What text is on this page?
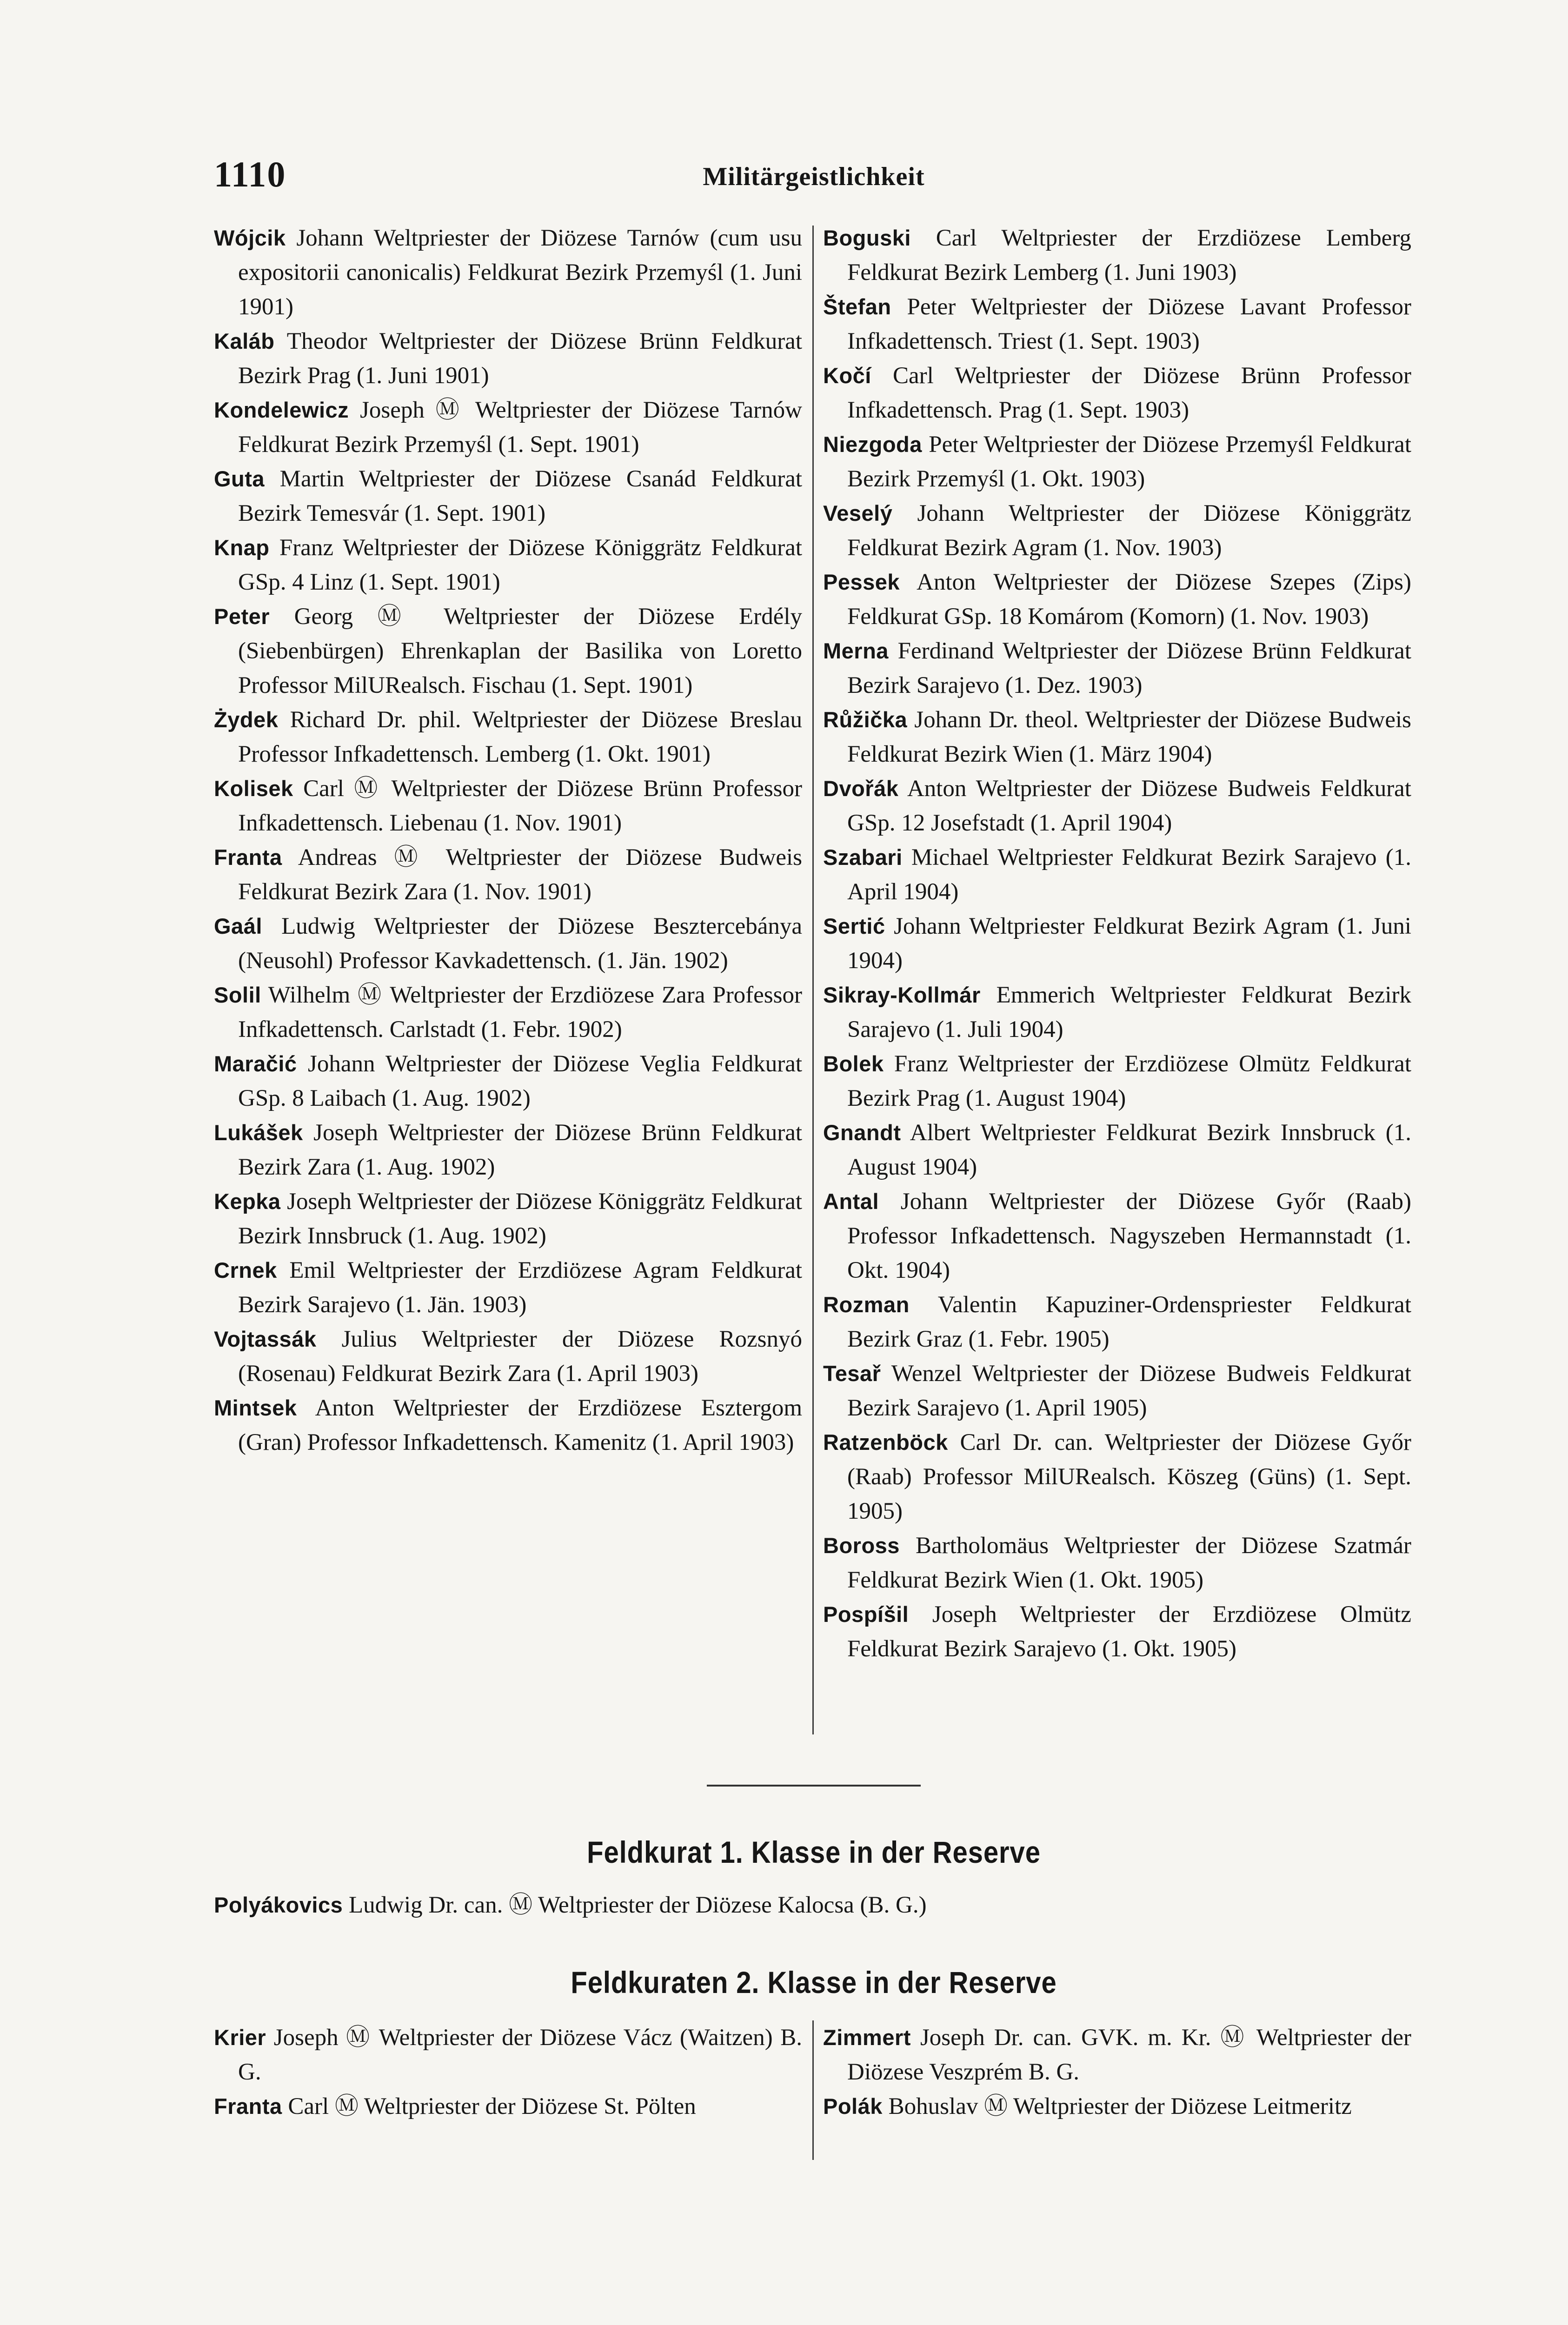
1110	Militärgeistlichkeit

Wójcik Johann Weltpriester der Diözese Tarnów (cum usu expositorii canonicalis) Feldkurat Bezirk Przemyśl (1. Juni 1901)

Kaláb Theodor Weltpriester der Diözese Brünn Feldkurat Bezirk Prag (1. Juni 1901)

Kondelewicz Joseph Ⓜ Weltpriester der Diözese Tarnów Feldkurat Bezirk Przemyśl (1. Sept. 1901)

Guta Martin Weltpriester der Diözese Csanád Feldkurat Bezirk Temesvár (1. Sept. 1901)

Knap Franz Weltpriester der Diözese Königgrätz Feldkurat GSp. 4 Linz (1. Sept. 1901)

Peter Georg Ⓜ Weltpriester der Diözese Erdély (Siebenbürgen) Ehrenkaplan der Basilika von Loretto Professor MilURealsch. Fischau (1. Sept. 1901)

Żydek Richard Dr. phil. Weltpriester der Diözese Breslau Professor Infkadettensch. Lemberg (1. Okt. 1901)

Kolisek Carl Ⓜ Weltpriester der Diözese Brünn Professor Infkadettensch. Liebenau (1. Nov. 1901)

Franta Andreas Ⓜ Weltpriester der Diözese Budweis Feldkurat Bezirk Zara (1. Nov. 1901)

Gaál Ludwig Weltpriester der Diözese Besztercebánya (Neusohl) Professor Kavkadettensch. (1. Jän. 1902)

Solil Wilhelm Ⓜ Weltpriester der Erzdiözese Zara Professor Infkadettensch. Carlstadt (1. Febr. 1902)

Maračić Johann Weltpriester der Diözese Veglia Feldkurat GSp. 8 Laibach (1. Aug. 1902)

Lukášek Joseph Weltpriester der Diözese Brünn Feldkurat Bezirk Zara (1. Aug. 1902)

Kepka Joseph Weltpriester der Diözese Königgrätz Feldkurat Bezirk Innsbruck (1. Aug. 1902)

Crnek Emil Weltpriester der Erzdiözese Agram Feldkurat Bezirk Sarajevo (1. Jän. 1903)

Vojtassák Julius Weltpriester der Diözese Rozsnyó (Rosenau) Feldkurat Bezirk Zara (1. April 1903)

Mintsek Anton Weltpriester der Erzdiözese Esztergom (Gran) Professor Infkadettensch. Kamenitz (1. April 1903)

Boguski Carl Weltpriester der Erzdiözese Lemberg Feldkurat Bezirk Lemberg (1. Juni 1903)

Štefan Peter Weltpriester der Diözese Lavant Professor Infkadettensch. Triest (1. Sept. 1903)

Kočí Carl Weltpriester der Diözese Brünn Professor Infkadettensch. Prag (1. Sept. 1903)

Niezgoda Peter Weltpriester der Diözese Przemyśl Feldkurat Bezirk Przemyśl (1. Okt. 1903)

Veselý Johann Weltpriester der Diözese Königgrätz Feldkurat Bezirk Agram (1. Nov. 1903)

Pessek Anton Weltpriester der Diözese Szepes (Zips) Feldkurat GSp. 18 Komárom (Komorn) (1. Nov. 1903)

Merna Ferdinand Weltpriester der Diözese Brünn Feldkurat Bezirk Sarajevo (1. Dez. 1903)

Růžička Johann Dr. theol. Weltpriester der Diözese Budweis Feldkurat Bezirk Wien (1. März 1904)

Dvořák Anton Weltpriester der Diözese Budweis Feldkurat GSp. 12 Josefstadt (1. April 1904)

Szabari Michael Weltpriester Feldkurat Bezirk Sarajevo (1. April 1904)

Sertić Johann Weltpriester Feldkurat Bezirk Agram (1. Juni 1904)

Sikray-Kollmár Emmerich Weltpriester Feldkurat Bezirk Sarajevo (1. Juli 1904)

Bolek Franz Weltpriester der Erzdiözese Olmütz Feldkurat Bezirk Prag (1. August 1904)

Gnandt Albert Weltpriester Feldkurat Bezirk Innsbruck (1. August 1904)

Antal Johann Weltpriester der Diözese Győr (Raab) Professor Infkadettensch. Nagyszeben Hermannstadt (1. Okt. 1904)

Rozman Valentin Kapuziner-Ordenspriester Feldkurat Bezirk Graz (1. Febr. 1905)

Tesař Wenzel Weltpriester der Diözese Budweis Feldkurat Bezirk Sarajevo (1. April 1905)

Ratzenböck Carl Dr. can. Weltpriester der Diözese Győr (Raab) Professor MilURealsch. Köszeg (Güns) (1. Sept. 1905)

Boross Bartholomäus Weltpriester der Diözese Szatmár Feldkurat Bezirk Wien (1. Okt. 1905)

Pospíšil Joseph Weltpriester der Erzdiözese Olmütz Feldkurat Bezirk Sarajevo (1. Okt. 1905)

Feldkurat 1. Klasse in der Reserve

Polyákovics Ludwig Dr. can. Ⓜ Weltpriester der Diözese Kalocsa (B. G.)

Feldkuraten 2. Klasse in der Reserve

Krier Joseph Ⓜ Weltpriester der Diözese Vácz (Waitzen) B. G.

Franta Carl Ⓜ Weltpriester der Diözese St. Pölten

Zimmert Joseph Dr. can. GVK. m. Kr. Ⓜ Weltpriester der Diözese Veszprém B. G.

Polák Bohuslav Ⓜ Weltpriester der Diözese Leitmeritz
